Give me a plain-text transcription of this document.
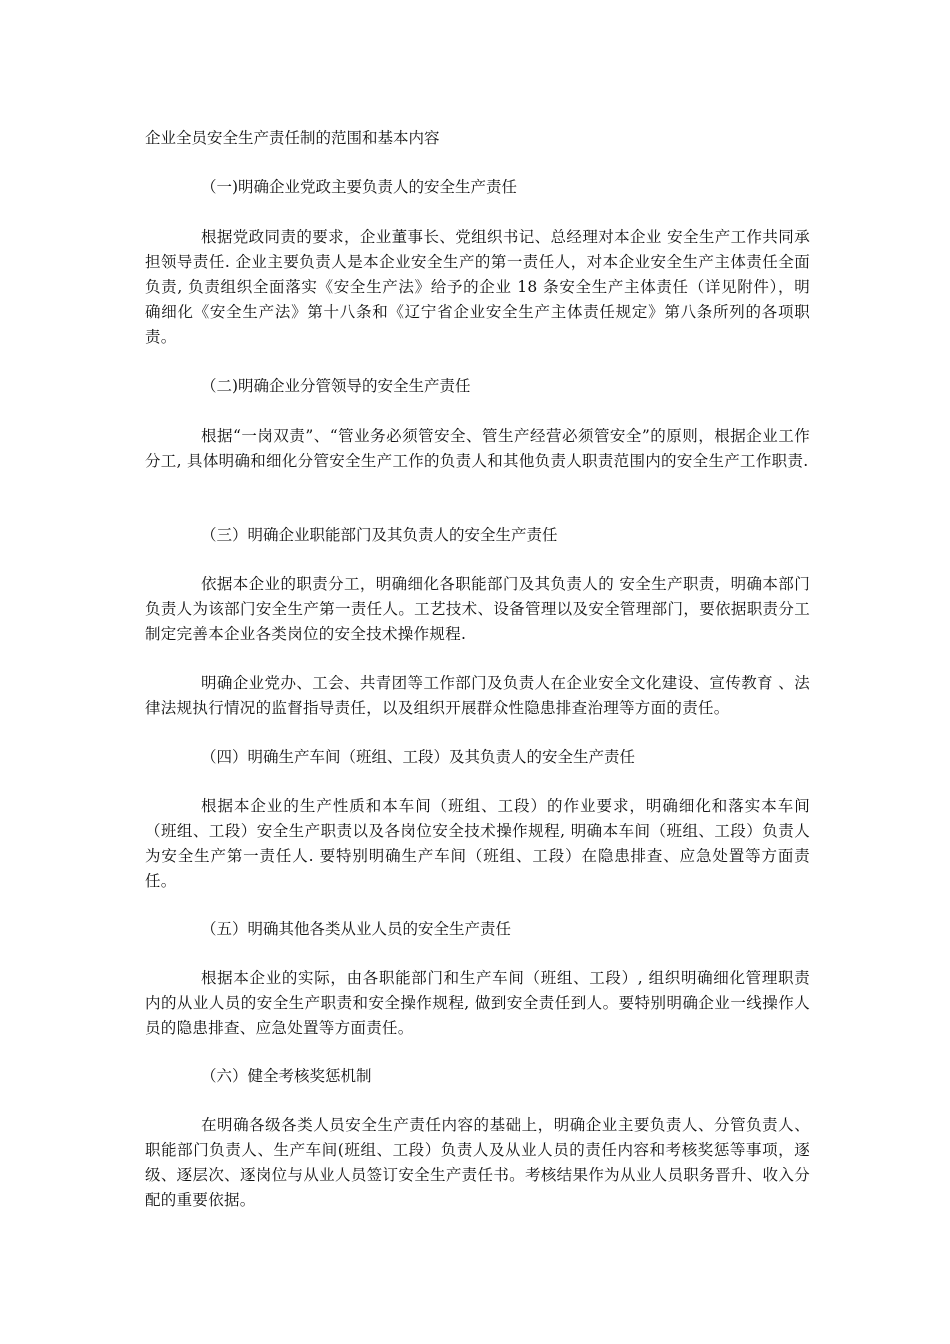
企业全员安全生产责任制的范围和基本内容

（一)明确企业党政主要负责人的安全生产责任

根据党政同责的要求，企业董事长、党组织书记、总经理对本企业 安全生产工作共同承担领导责任. 企业主要负责人是本企业安全生产的第一责任人，对本企业安全生产主体责任全面负责, 负责组织全面落实《安全生产法》给予的企业 18 条安全生产主体责任（详见附件），明确细化《安全生产法》第十八条和《辽宁省企业安全生产主体责任规定》第八条所列的各项职责。

（二)明确企业分管领导的安全生产责任

根据“一岗双责”、“管业务必须管安全、管生产经营必须管安全”的原则，根据企业工作分工, 具体明确和细化分管安全生产工作的负责人和其他负责人职责范围内的安全生产工作职责.

（三）明确企业职能部门及其负责人的安全生产责任

依据本企业的职责分工，明确细化各职能部门及其负责人的 安全生产职责，明确本部门负责人为该部门安全生产第一责任人。工艺技术、设备管理以及安全管理部门，要依据职责分工制定完善本企业各类岗位的安全技术操作规程.

明确企业党办、工会、共青团等工作部门及负责人在企业安全文化建设、宣传教育 、法律法规执行情况的监督指导责任，以及组织开展群众性隐患排查治理等方面的责任。

（四）明确生产车间（班组、工段）及其负责人的安全生产责任

根据本企业的生产性质和本车间（班组、工段）的作业要求，明确细化和落实本车间（班组、工段）安全生产职责以及各岗位安全技术操作规程, 明确本车间（班组、工段）负责人为安全生产第一责任人. 要特别明确生产车间（班组、工段）在隐患排查、应急处置等方面责任。

（五）明确其他各类从业人员的安全生产责任

根据本企业的实际，由各职能部门和生产车间（班组、工段）, 组织明确细化管理职责内的从业人员的安全生产职责和安全操作规程, 做到安全责任到人。要特别明确企业一线操作人员的隐患排查、应急处置等方面责任。

（六）健全考核奖惩机制

在明确各级各类人员安全生产责任内容的基础上，明确企业主要负责人、分管负责人、职能部门负责人、生产车间(班组、工段）负责人及从业人员的责任内容和考核奖惩等事项，逐级、逐层次、逐岗位与从业人员签订安全生产责任书。考核结果作为从业人员职务晋升、收入分配的重要依据。
